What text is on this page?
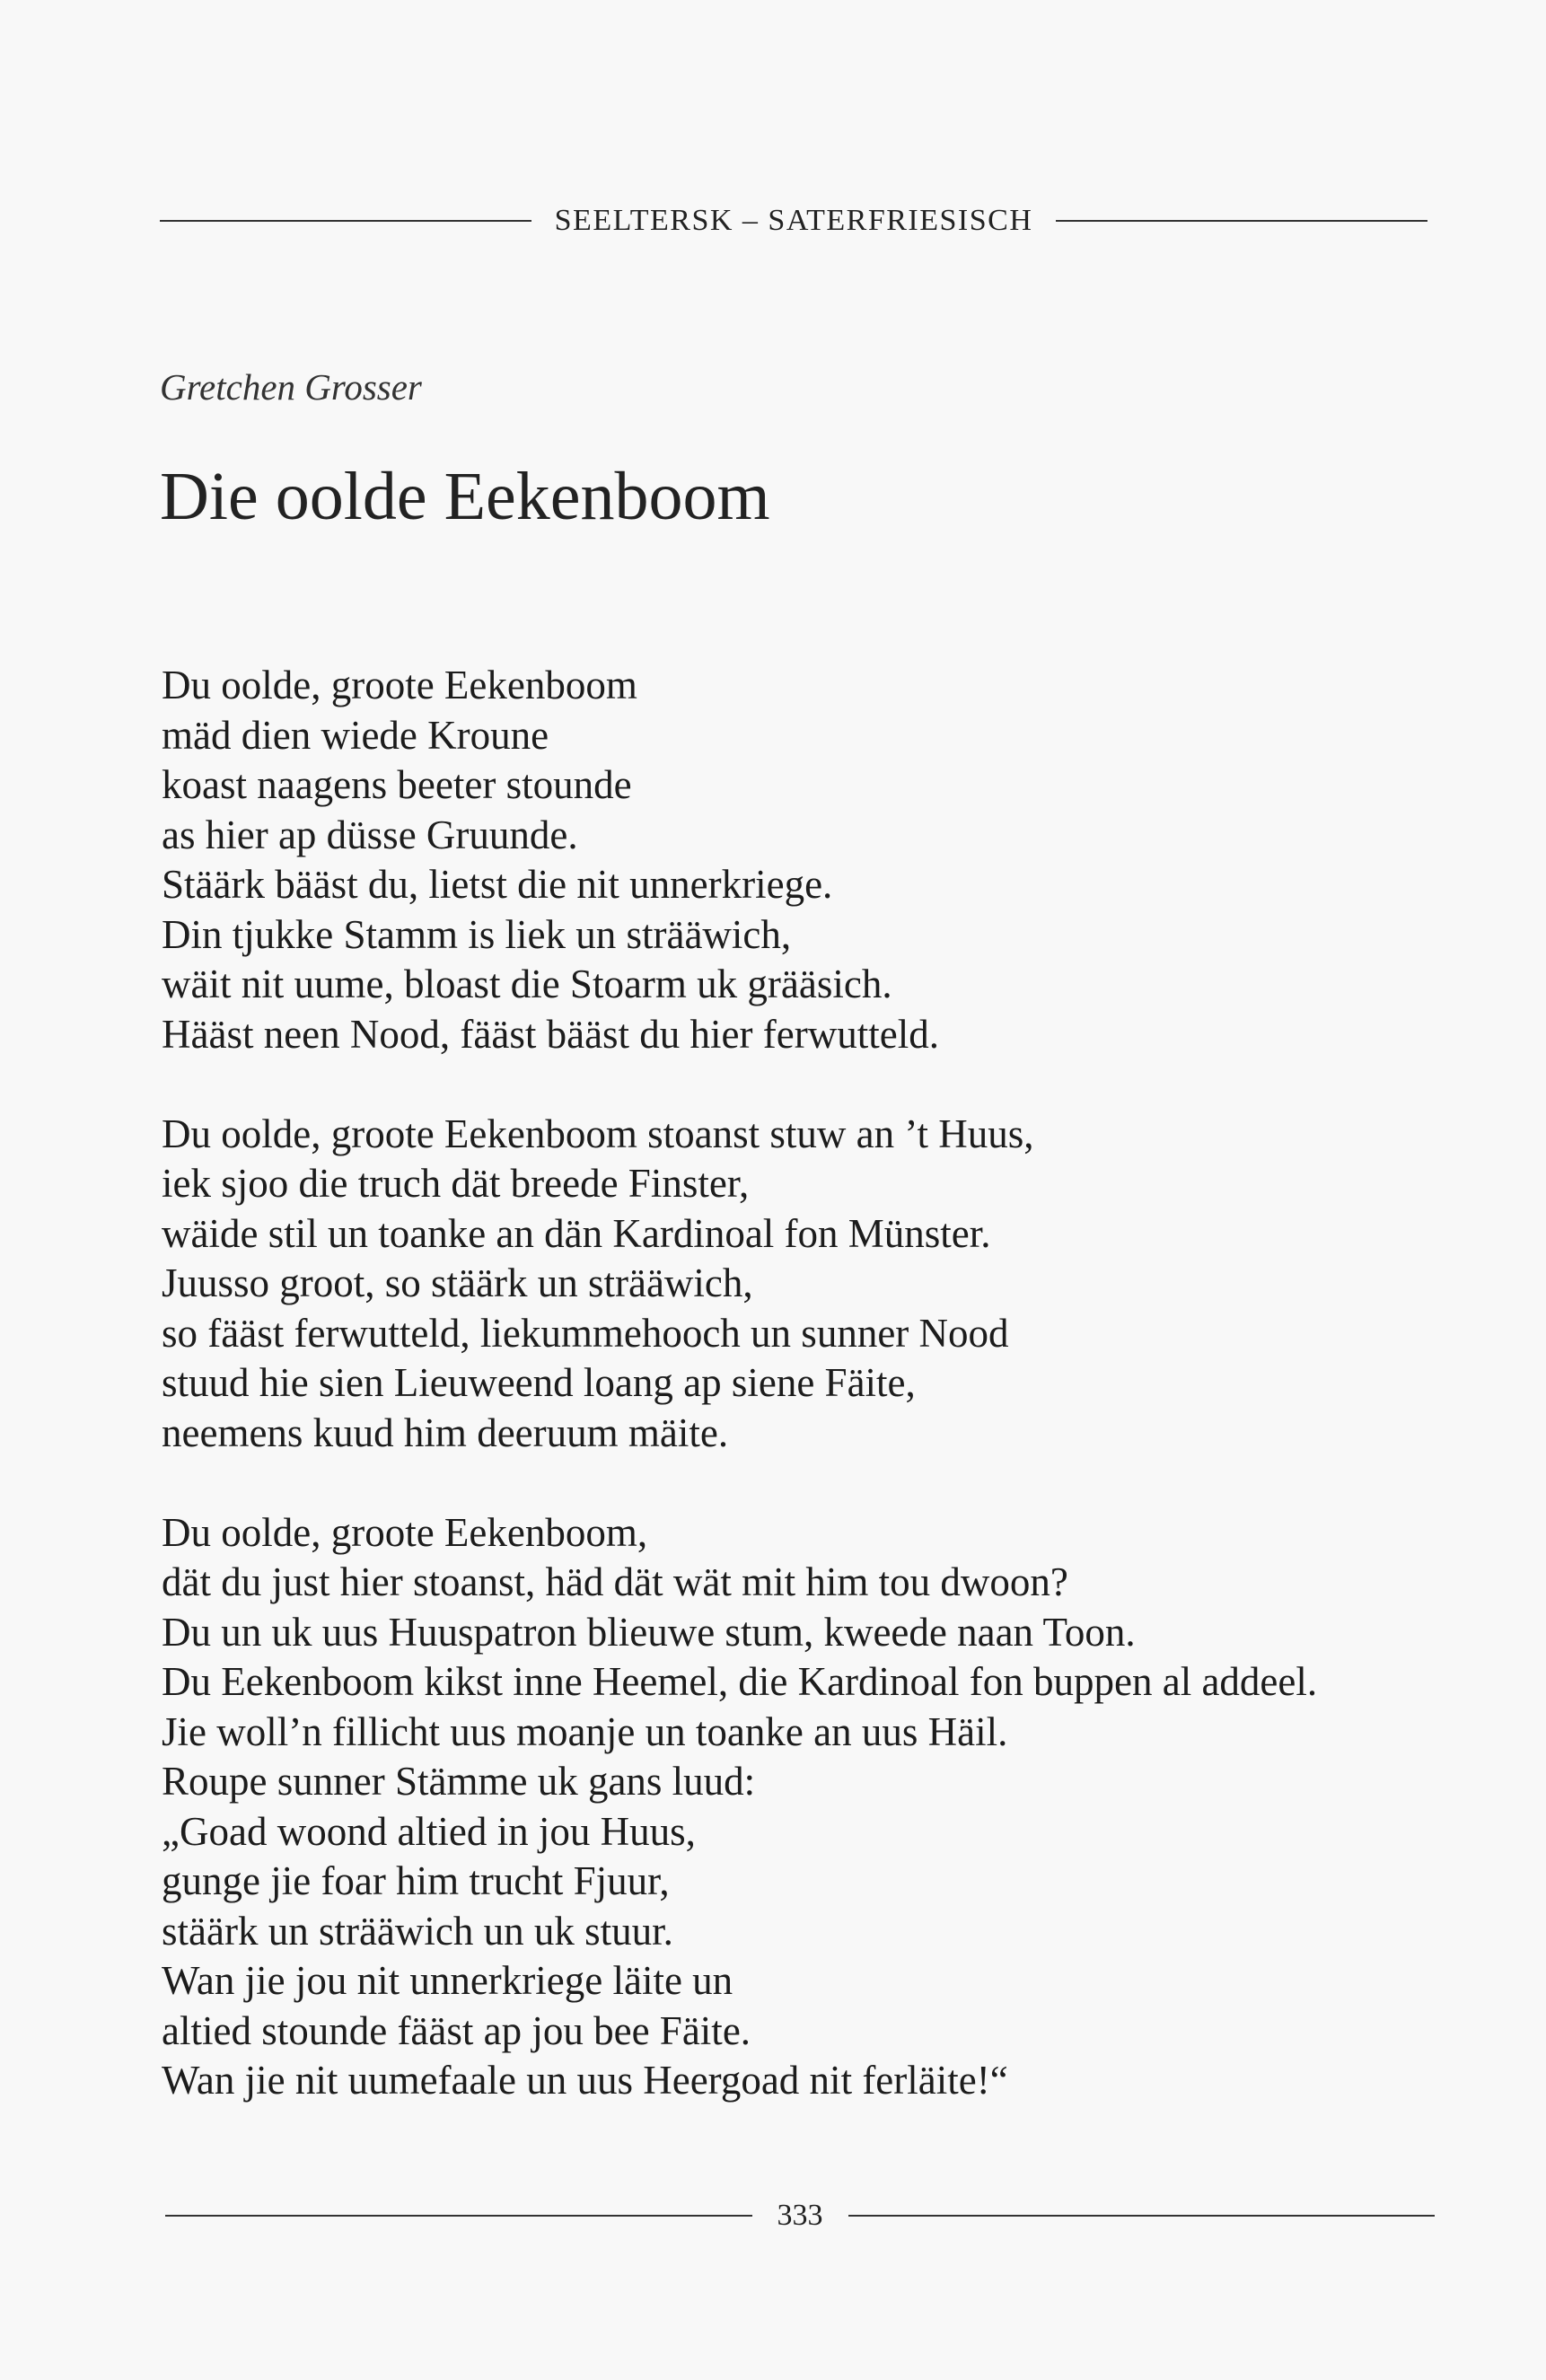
SEELTERSK – SATERFRIESISCH
Gretchen Grosser
Die oolde Eekenboom
Du oolde, groote Eekenboom
mäd dien wiede Kroune
koast naagens beeter stounde
as hier ap düsse Gruunde.
Stäärk bääst du, lietst die nit unnerkriege.
Din tjukke Stamm is liek un strääwich,
wäit nit uume, bloast die Stoarm uk grääsich.
Hääst neen Nood, fääst bääst du hier ferwutteld.
Du oolde, groote Eekenboom stoanst stuw an ’t Huus,
iek sjoo die truch dät breede Finster,
wäide stil un toanke an dän Kardinoal fon Münster.
Juusso groot, so stäärk un strääwich,
so fääst ferwutteld, liekummehooch un sunner Nood
stuud hie sien Lieuweend loang ap siene Fäite,
neemens kuud him deeruum mäite.
Du oolde, groote Eekenboom,
dät du just hier stoanst, häd dät wät mit him tou dwoon?
Du un uk uus Huuspatron blieuwe stum, kweede naan Toon.
Du Eekenboom kikst inne Heemel, die Kardinoal fon buppen al addeel.
Jie woll’n fillicht uus moanje un toanke an uus Häil.
Roupe sunner Stämme uk gans luud:
„Goad woond altied in jou Huus,
gunge jie foar him trucht Fjuur,
stäärk un strääwich un uk stuur.
Wan jie jou nit unnerkriege läite un
altied stounde fääst ap jou bee Fäite.
Wan jie nit uumefaale un uus Heergoad nit ferläite!“
333
